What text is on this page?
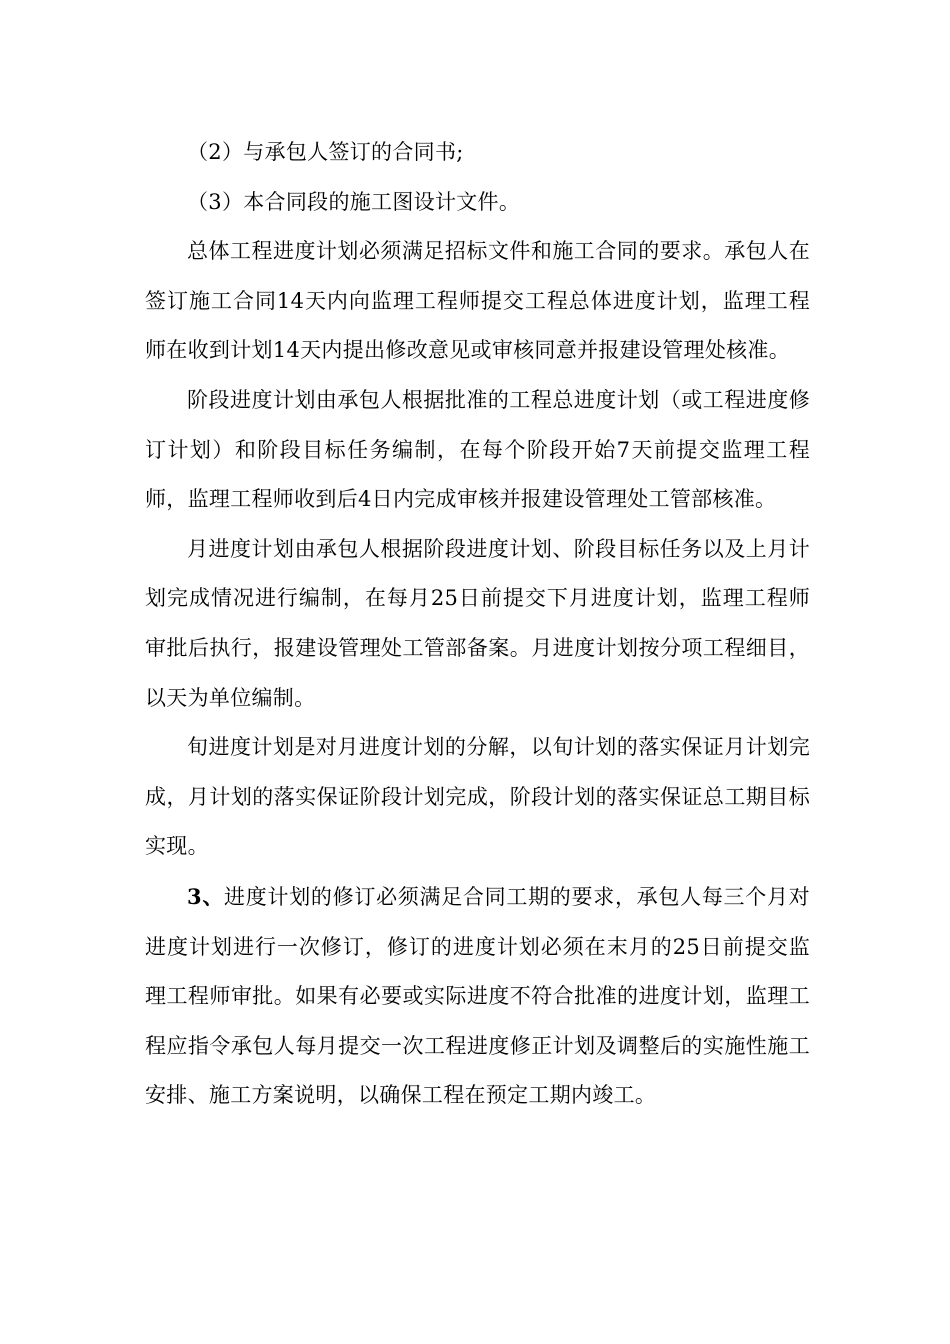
（2）与承包人签订的合同书;

（3）本合同段的施工图设计文件。

总体工程进度计划必须满足招标文件和施工合同的要求。承包人在签订施工合同14天内向监理工程师提交工程总体进度计划，监理工程师在收到计划14天内提出修改意见或审核同意并报建设管理处核准。

阶段进度计划由承包人根据批准的工程总进度计划（或工程进度修订计划）和阶段目标任务编制，在每个阶段开始7天前提交监理工程师，监理工程师收到后4日内完成审核并报建设管理处工管部核准。

月进度计划由承包人根据阶段进度计划、阶段目标任务以及上月计划完成情况进行编制，在每月25日前提交下月进度计划，监理工程师审批后执行，报建设管理处工管部备案。月进度计划按分项工程细目，以天为单位编制。

旬进度计划是对月进度计划的分解，以旬计划的落实保证月计划完成，月计划的落实保证阶段计划完成，阶段计划的落实保证总工期目标实现。

3、进度计划的修订必须满足合同工期的要求，承包人每三个月对进度计划进行一次修订，修订的进度计划必须在末月的25日前提交监理工程师审批。如果有必要或实际进度不符合批准的进度计划，监理工程应指令承包人每月提交一次工程进度修正计划及调整后的实施性施工安排、施工方案说明，以确保工程在预定工期内竣工。
